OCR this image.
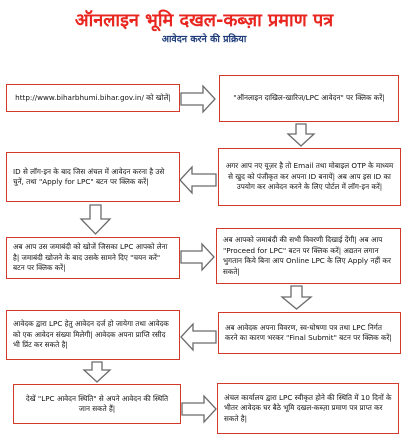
ऑनलाइन भूमि दखल-कब्ज़ा प्रमाण पत्र
आवेदन करने की प्रक्रिया
http://www.biharbhumi.bihar.gov.in/ को खोलें|	"ऑनलाइन दाखिल-खारिज/LPC आवेदन" पर क्लिक करें|
अगर आप नए यूज़र है तो Email तथा मोबाइल OTP के माध्यम से खुद को पंजीकृत कर अपना ID बनायें| अब आप इस ID का उपयोग कर आवेदन करने के लिए पोर्टल में लॉग-इन करें|
ID से लॉग-इन के बाद जिस अंचल में आवेदन करना है उसे चुनें, तथा "Apply for LPC" बटन पर क्लिक करें|
अब आप उस जमाबंदी को खोजें जिसका LPC आपको लेना है| जमाबंदी खोजने के बाद उसके सामने दिए "चयन करें" बटन पर क्लिक करें|
अब आपको जमाबंदी की सभी विवरणी दिखाई देंगी| अब आप "Proceed for LPC" बटन पर क्लिक करें| अद्यतन लगान भुगतान किये बिना आप Online LPC के लिए Apply नहीं कर सकते|
अब आवेदक अपना विवरण, स्व-घोषणा पत्र तथा LPC निर्गत करने का कारण भरकर "Final Submit" बटन पर क्लिक करें|
आवेदक द्वारा LPC हेतु आवेदन दर्ज हो जायेगा तथा आवेदक को एक आवेदन संख्या मिलेगी| आवेदक अपना प्राप्ति रसीद भी प्रिंट कर सकते है|
देखें "LPC आवेदन स्थिति" से अपने आवेदन की स्थिति जान सकते हैं|
अंचल कार्यालय द्वारा LPC स्वीकृत होने की स्थिति में 10 दिनों के भीतर आवेदक घर बैठे भूमि दखल-कब्ज़ा प्रमाण पत्र प्राप्त कर सकते है|
